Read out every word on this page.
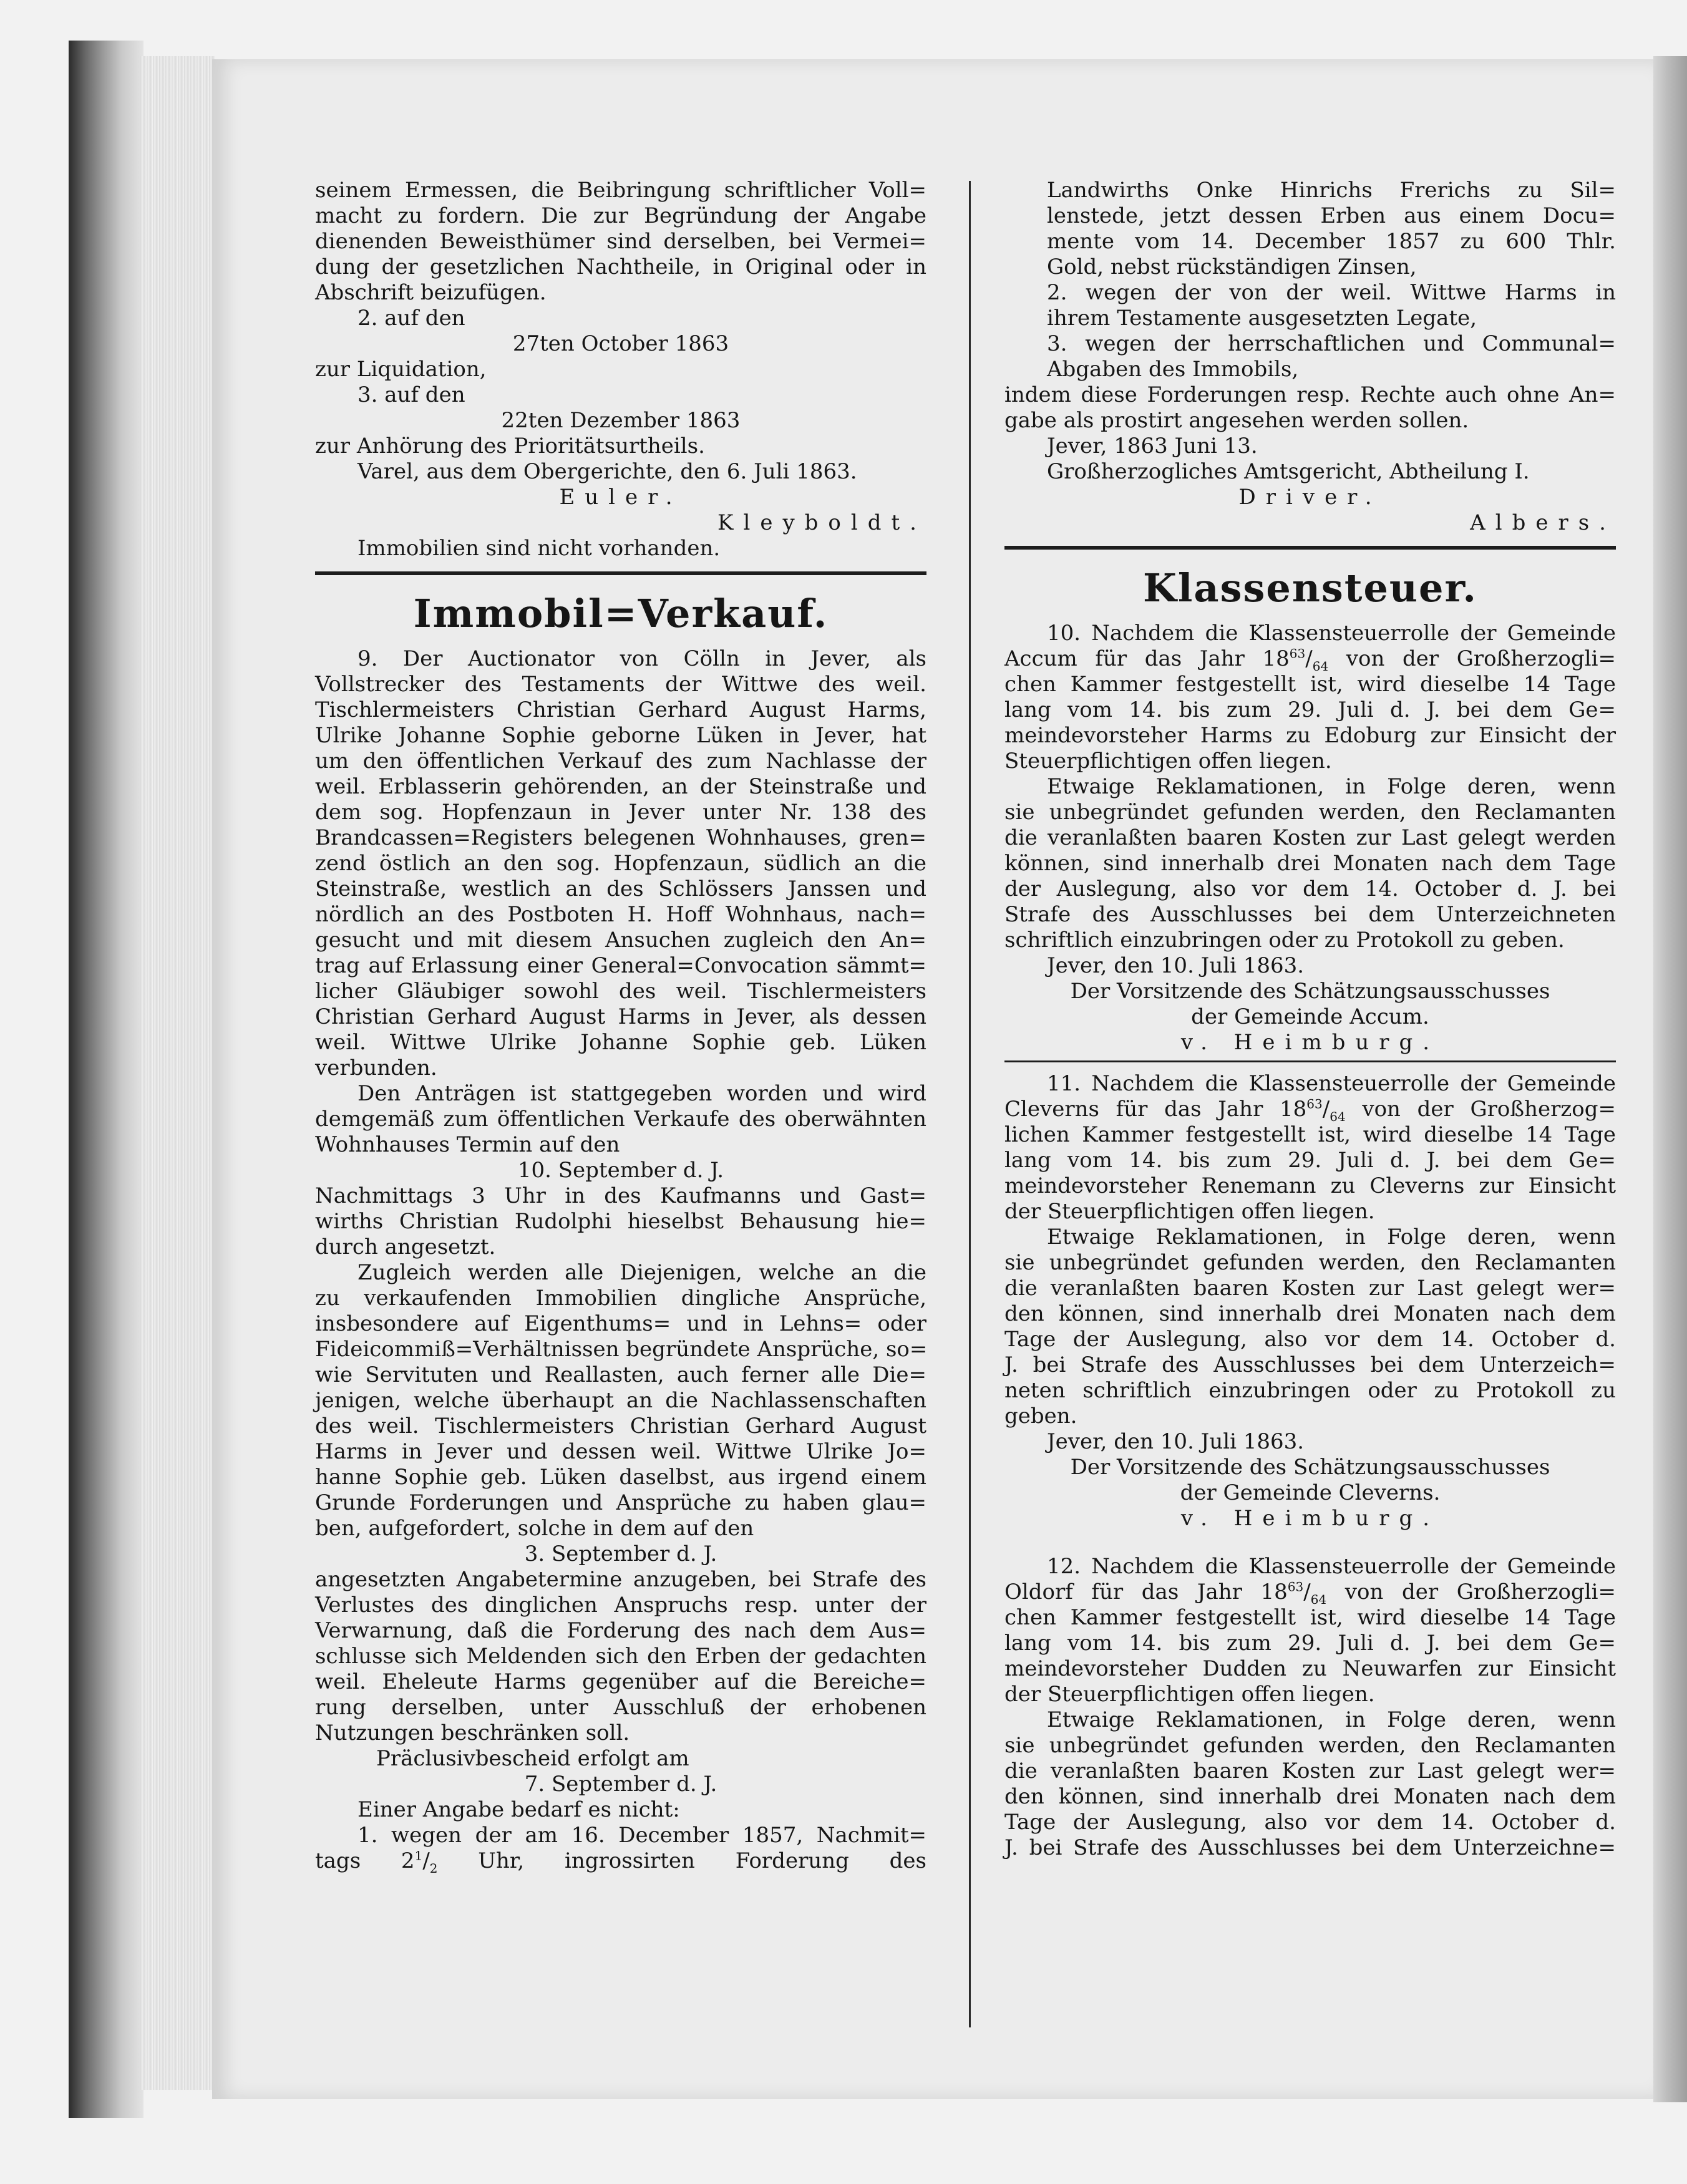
seinem Ermessen, die Beibringung schriftlicher Voll=

macht zu fordern. Die zur Begründung der Angabe

dienenden Beweisthümer sind derselben, bei Vermei=

dung der gesetzlichen Nachtheile, in Original oder in

Abschrift beizufügen.

2. auf den

27ten October 1863

zur Liquidation,

3. auf den

22ten Dezember 1863

zur Anhörung des Prioritätsurtheils.

Varel, aus dem Obergerichte, den 6. Juli 1863.

Euler.

Kleyboldt.

Immobilien sind nicht vorhanden.

Immobil=Verkauf.

9. Der Auctionator von Cölln in Jever, als

Vollstrecker des Testaments der Wittwe des weil.

Tischlermeisters Christian Gerhard August Harms,

Ulrike Johanne Sophie geborne Lüken in Jever, hat

um den öffentlichen Verkauf des zum Nachlasse der

weil. Erblasserin gehörenden, an der Steinstraße und

dem sog. Hopfenzaun in Jever unter Nr. 138 des

Brandcassen=Registers belegenen Wohnhauses, gren=

zend östlich an den sog. Hopfenzaun, südlich an die

Steinstraße, westlich an des Schlössers Janssen und

nördlich an des Postboten H. Hoff Wohnhaus, nach=

gesucht und mit diesem Ansuchen zugleich den An=

trag auf Erlassung einer General=Convocation sämmt=

licher Gläubiger sowohl des weil. Tischlermeisters

Christian Gerhard August Harms in Jever, als dessen

weil. Wittwe Ulrike Johanne Sophie geb. Lüken

verbunden.

Den Anträgen ist stattgegeben worden und wird

demgemäß zum öffentlichen Verkaufe des oberwähnten

Wohnhauses Termin auf den

10. September d. J.

Nachmittags 3 Uhr in des Kaufmanns und Gast=

wirths Christian Rudolphi hieselbst Behausung hie=

durch angesetzt.

Zugleich werden alle Diejenigen, welche an die

zu verkaufenden Immobilien dingliche Ansprüche,

insbesondere auf Eigenthums= und in Lehns= oder

Fideicommiß=Verhältnissen begründete Ansprüche, so=

wie Servituten und Reallasten, auch ferner alle Die=

jenigen, welche überhaupt an die Nachlassenschaften

des weil. Tischlermeisters Christian Gerhard August

Harms in Jever und dessen weil. Wittwe Ulrike Jo=

hanne Sophie geb. Lüken daselbst, aus irgend einem

Grunde Forderungen und Ansprüche zu haben glau=

ben, aufgefordert, solche in dem auf den

3. September d. J.

angesetzten Angabetermine anzugeben, bei Strafe des

Verlustes des dinglichen Anspruchs resp. unter der

Verwarnung, daß die Forderung des nach dem Aus=

schlusse sich Meldenden sich den Erben der gedachten

weil. Eheleute Harms gegenüber auf die Bereiche=

rung derselben, unter Ausschluß der erhobenen

Nutzungen beschränken soll.

Präclusivbescheid erfolgt am

7. September d. J.

Einer Angabe bedarf es nicht:

1. wegen der am 16. December 1857, Nachmit=

tags $2^1/_2$ Uhr, ingrossirten Forderung des

Landwirths Onke Hinrichs Frerichs zu Sil=

lenstede, jetzt dessen Erben aus einem Docu=

mente vom 14. December 1857 zu 600 Thlr.

Gold, nebst rückständigen Zinsen,

2. wegen der von der weil. Wittwe Harms in

ihrem Testamente ausgesetzten Legate,

3. wegen der herrschaftlichen und Communal=

Abgaben des Immobils,

indem diese Forderungen resp. Rechte auch ohne An=

gabe als prostirt angesehen werden sollen.

Jever, 1863 Juni 13.

Großherzogliches Amtsgericht, Abtheilung I.

Driver.

Albers.

Klassensteuer.

10. Nachdem die Klassensteuerrolle der Gemeinde

Accum für das Jahr $18^{63}/_{64}$ von der Großherzogli=

chen Kammer festgestellt ist, wird dieselbe 14 Tage

lang vom 14. bis zum 29. Juli d. J. bei dem Ge=

meindevorsteher Harms zu Edoburg zur Einsicht der

Steuerpflichtigen offen liegen.

Etwaige Reklamationen, in Folge deren, wenn

sie unbegründet gefunden werden, den Reclamanten

die veranlaßten baaren Kosten zur Last gelegt werden

können, sind innerhalb drei Monaten nach dem Tage

der Auslegung, also vor dem 14. October d. J. bei

Strafe des Ausschlusses bei dem Unterzeichneten

schriftlich einzubringen oder zu Protokoll zu geben.

Jever, den 10. Juli 1863.

Der Vorsitzende des Schätzungsausschusses

der Gemeinde Accum.

v. Heimburg.

11. Nachdem die Klassensteuerrolle der Gemeinde

Cleverns für das Jahr $18^{63}/_{64}$ von der Großherzog=

lichen Kammer festgestellt ist, wird dieselbe 14 Tage

lang vom 14. bis zum 29. Juli d. J. bei dem Ge=

meindevorsteher Renemann zu Cleverns zur Einsicht

der Steuerpflichtigen offen liegen.

Etwaige Reklamationen, in Folge deren, wenn

sie unbegründet gefunden werden, den Reclamanten

die veranlaßten baaren Kosten zur Last gelegt wer=

den können, sind innerhalb drei Monaten nach dem

Tage der Auslegung, also vor dem 14. October d.

J. bei Strafe des Ausschlusses bei dem Unterzeich=

neten schriftlich einzubringen oder zu Protokoll zu

geben.

Jever, den 10. Juli 1863.

Der Vorsitzende des Schätzungsausschusses

der Gemeinde Cleverns.

v. Heimburg.

12. Nachdem die Klassensteuerrolle der Gemeinde

Oldorf für das Jahr $18^{63}/_{64}$ von der Großherzogli=

chen Kammer festgestellt ist, wird dieselbe 14 Tage

lang vom 14. bis zum 29. Juli d. J. bei dem Ge=

meindevorsteher Dudden zu Neuwarfen zur Einsicht

der Steuerpflichtigen offen liegen.

Etwaige Reklamationen, in Folge deren, wenn

sie unbegründet gefunden werden, den Reclamanten

die veranlaßten baaren Kosten zur Last gelegt wer=

den können, sind innerhalb drei Monaten nach dem

Tage der Auslegung, also vor dem 14. October d.

J. bei Strafe des Ausschlusses bei dem Unterzeichne=
